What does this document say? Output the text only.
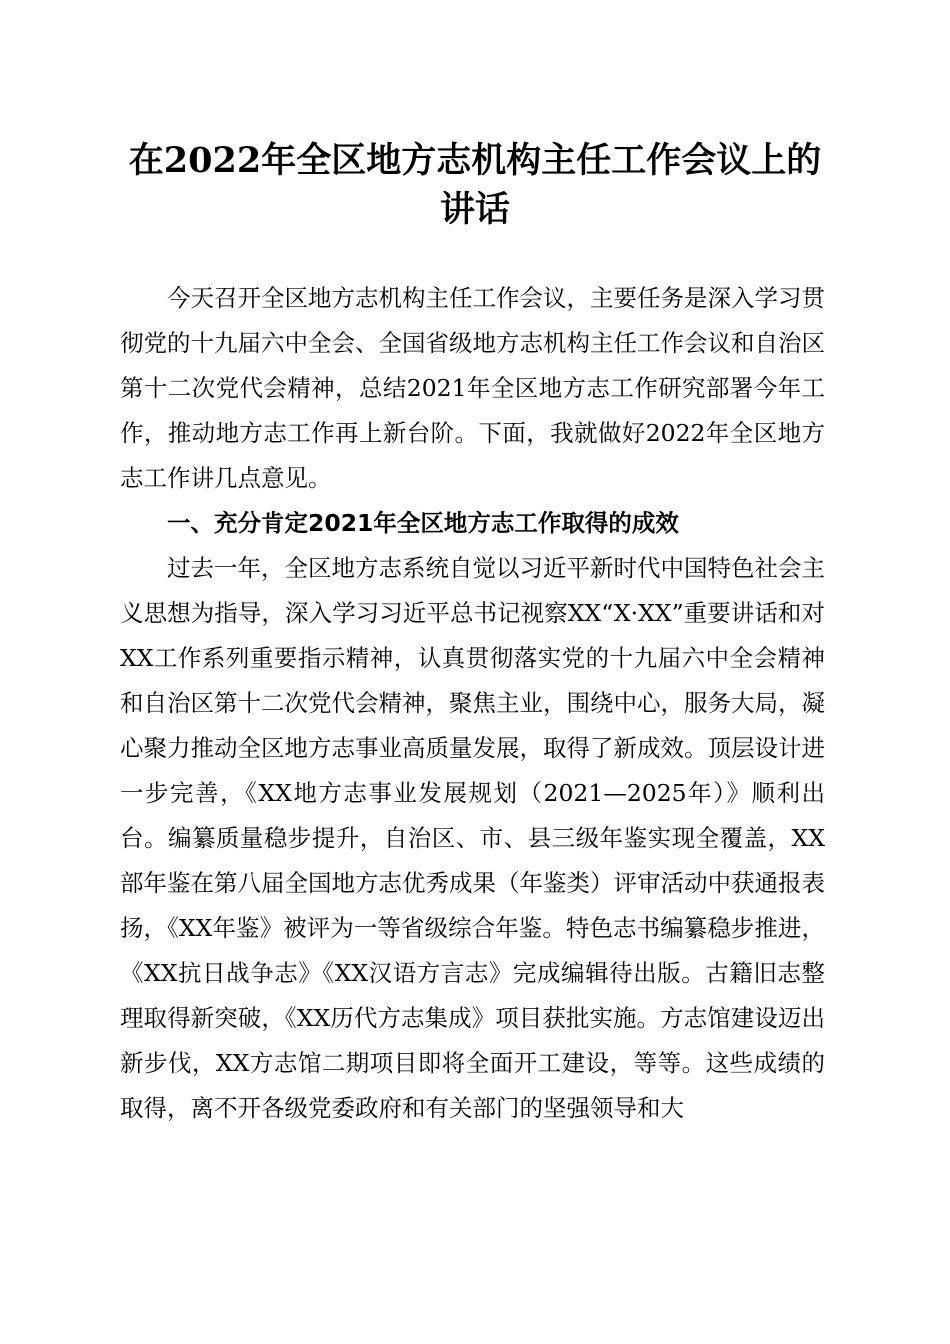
在2022年全区地方志机构主任工作会议上的讲话

今天召开全区地方志机构主任工作会议，主要任务是深入学习贯彻党的十九届六中全会、全国省级地方志机构主任工作会议和自治区第十二次党代会精神，总结2021年全区地方志工作研究部署今年工作，推动地方志工作再上新台阶。下面，我就做好2022年全区地方志工作讲几点意见。

一、充分肯定2021年全区地方志工作取得的成效

过去一年，全区地方志系统自觉以习近平新时代中国特色社会主义思想为指导，深入学习习近平总书记视察XX“X·XX”重要讲话和对XX工作系列重要指示精神，认真贯彻落实党的十九届六中全会精神和自治区第十二次党代会精神，聚焦主业，围绕中心，服务大局，凝心聚力推动全区地方志事业高质量发展，取得了新成效。顶层设计进一步完善，《XX地方志事业发展规划（2021—2025年）》顺利出台。编纂质量稳步提升，自治区、市、县三级年鉴实现全覆盖，XX部年鉴在第八届全国地方志优秀成果（年鉴类）评审活动中获通报表扬，《XX年鉴》被评为一等省级综合年鉴。特色志书编纂稳步推进，《XX抗日战争志》《XX汉语方言志》完成编辑待出版。古籍旧志整理取得新突破，《XX历代方志集成》项目获批实施。方志馆建设迈出新步伐，XX方志馆二期项目即将全面开工建设，等等。这些成绩的取得，离不开各级党委政府和有关部门的坚强领导和大
